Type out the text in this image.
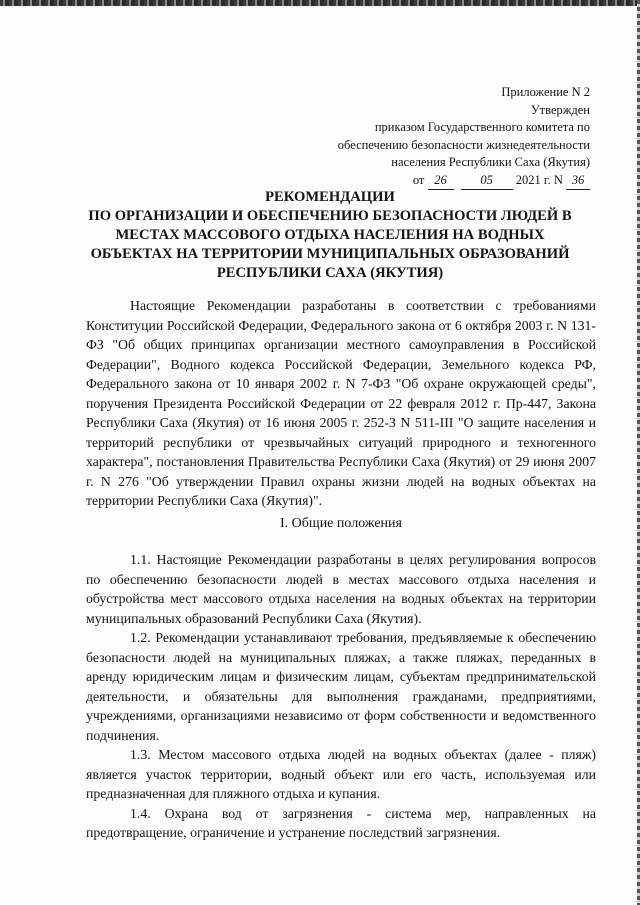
Приложение N 2
Утвержден
приказом Государственного комитета по
обеспечению безопасности жизнедеятельности
населения Республики Саха (Якутия)
от 26	05 2021 г. N 36
РЕКОМЕНДАЦИИ
ПО ОРГАНИЗАЦИИ И ОБЕСПЕЧЕНИЮ БЕЗОПАСНОСТИ ЛЮДЕЙ В
МЕСТАХ МАССОВОГО ОТДЫХА НАСЕЛЕНИЯ НА ВОДНЫХ
ОБЪЕКТАХ НА ТЕРРИТОРИИ МУНИЦИПАЛЬНЫХ ОБРАЗОВАНИЙ
РЕСПУБЛИКИ САХА (ЯКУТИЯ)
Настоящие Рекомендации разработаны в соответствии с требованиями Конституции Российской Федерации, Федерального закона от 6 октября 2003 г. N 131-ФЗ "Об общих принципах организации местного самоуправления в Российской Федерации", Водного кодекса Российской Федерации, Земельного кодекса РФ, Федерального закона от 10 января 2002 г. N 7-ФЗ "Об охране окружающей среды", поручения Президента Российской Федерации от 22 февраля 2012 г. Пр-447, Закона Республики Саха (Якутия) от 16 июня 2005 г. 252-З N 511-III "О защите населения и территорий республики от чрезвычайных ситуаций природного и техногенного характера", постановления Правительства Республики Саха (Якутия) от 29 июня 2007 г. N 276 "Об утверждении Правил охраны жизни людей на водных объектах на территории Республики Саха (Якутия)".
I. Общие положения

1.1. Настоящие Рекомендации разработаны в целях регулирования вопросов по обеспечению безопасности людей в местах массового отдыха населения и обустройства мест массового отдыха населения на водных объектах на территории муниципальных образований Республики Саха (Якутия).

1.2. Рекомендации устанавливают требования, предъявляемые к обеспечению безопасности людей на муниципальных пляжах, а также пляжах, переданных в аренду юридическим лицам и физическим лицам, субъектам предпринимательской деятельности, и обязательны для выполнения гражданами, предприятиями, учреждениями, организациями независимо от форм собственности и ведомственного подчинения.

1.3. Местом массового отдыха людей на водных объектах (далее - пляж) является участок территории, водный объект или его часть, используемая или предназначенная для пляжного отдыха и купания.

1.4. Охрана вод от загрязнения - система мер, направленных на предотвращение, ограничение и устранение последствий загрязнения.
